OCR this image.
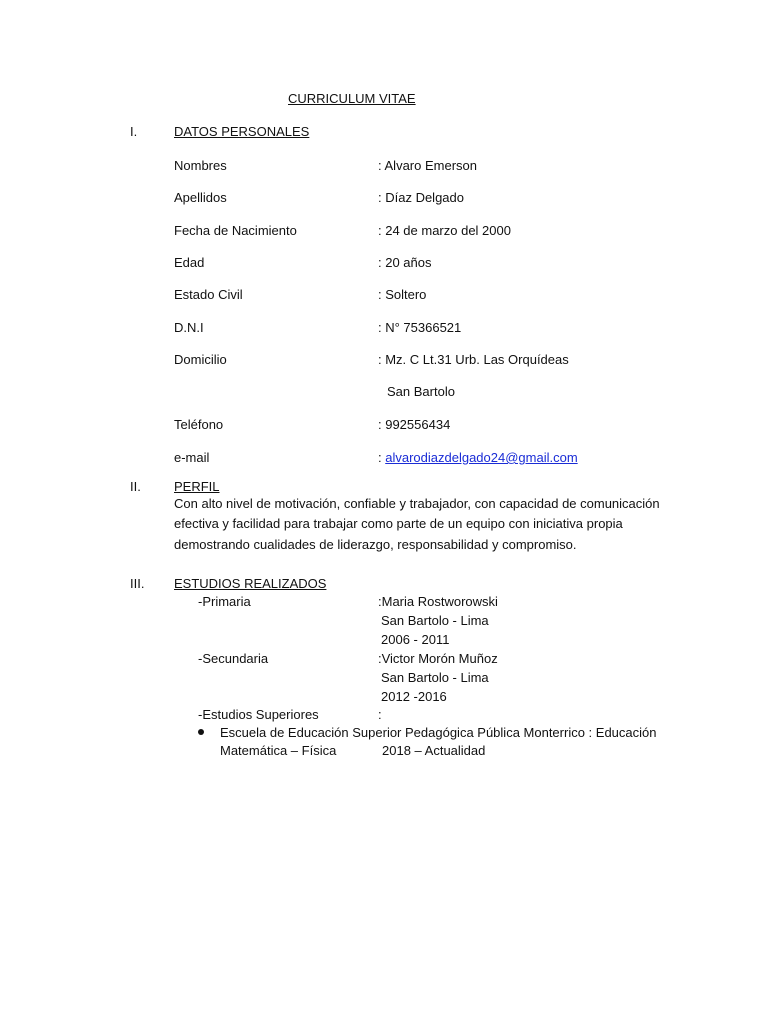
CURRICULUM VITAE
I.	DATOS PERSONALES
Nombres	: Alvaro Emerson
Apellidos	: Díaz Delgado
Fecha de Nacimiento	: 24 de marzo del 2000
Edad	: 20 años
Estado Civil	: Soltero
D.N.I	: N° 75366521
Domicilio	: Mz. C Lt.31 Urb. Las Orquídeas
San Bartolo
Teléfono	: 992556434
e-mail	: alvarodiazdelgado24@gmail.com
II.	PERFIL
Con alto nivel de motivación, confiable y trabajador, con capacidad de comunicación
efectiva y facilidad para trabajar como parte de un equipo con iniciativa propia
demostrando cualidades de liderazgo, responsabilidad y compromiso.
III. ESTUDIOS REALIZADOS
-Primaria	:Maria Rostworowski
San Bartolo - Lima
2006 - 2011
-Secundaria	:Victor Morón Muñoz
San Bartolo - Lima
2012 -2016
-Estudios Superiores	:
Escuela de Educación Superior Pedagógica Pública Monterrico : Educación
Matemática – Física	2018 – Actualidad
